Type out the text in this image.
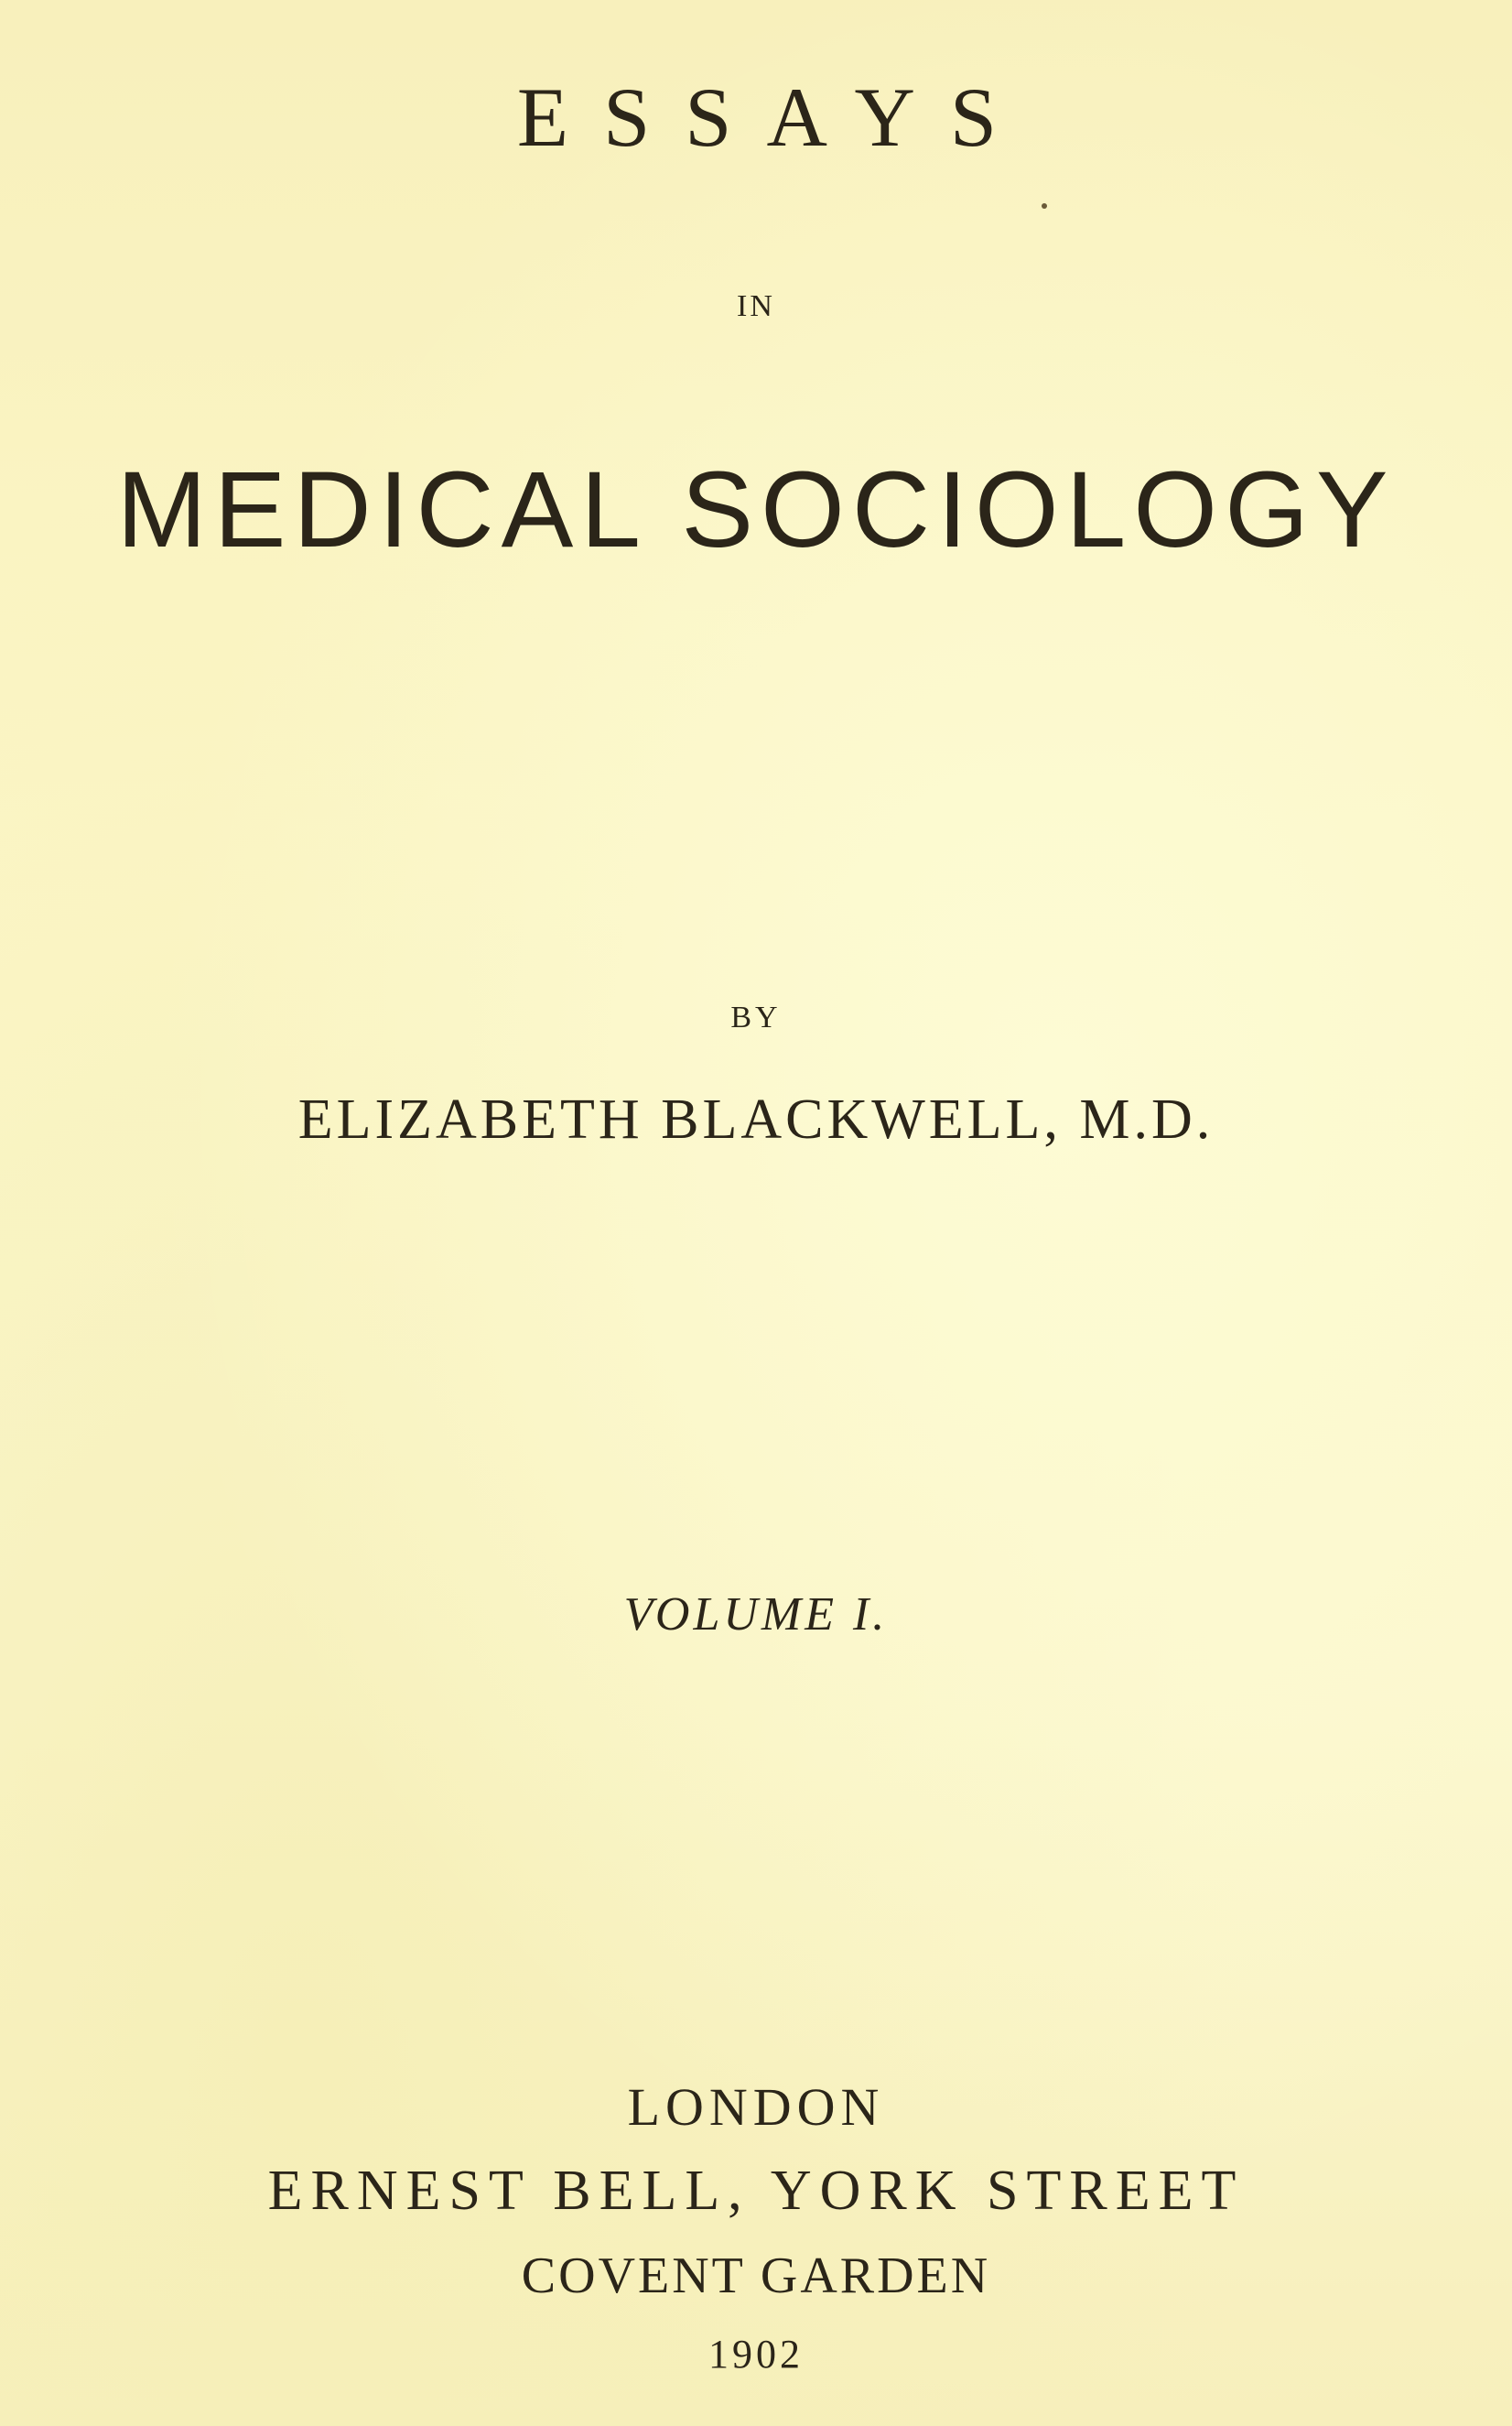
ESSAYS
IN
MEDICAL SOCIOLOGY
BY
ELIZABETH BLACKWELL, M.D.
VOLUME I.
LONDON
ERNEST BELL, YORK STREET
COVENT GARDEN
1902
